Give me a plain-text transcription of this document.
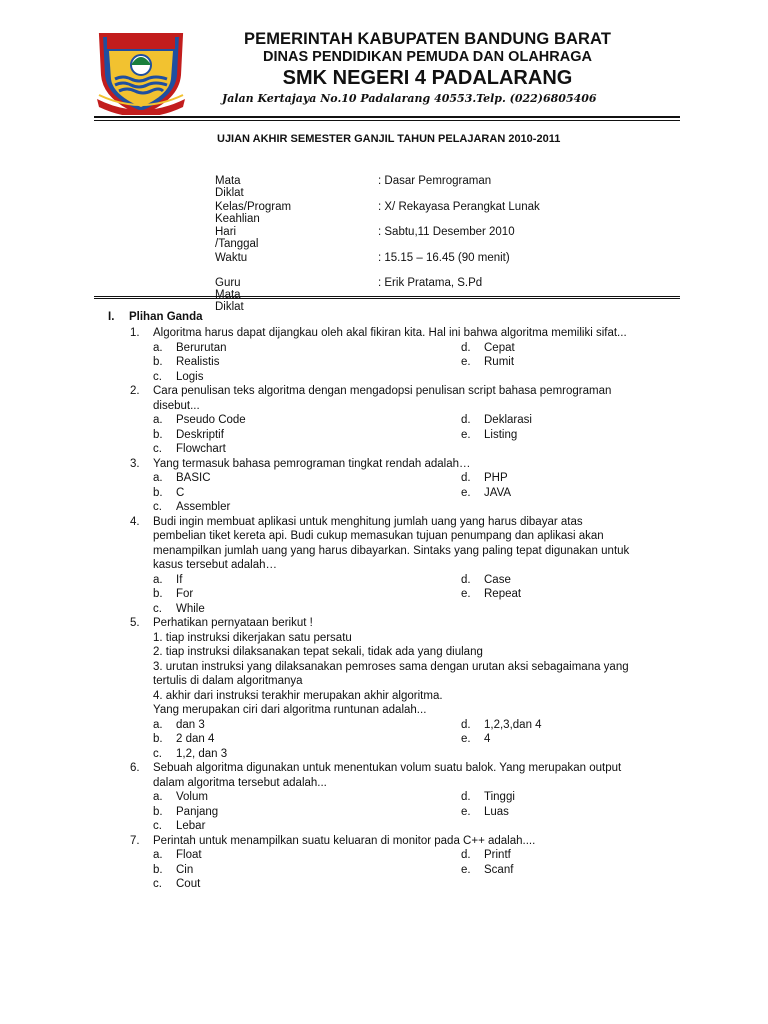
PEMERINTAH KABUPATEN BANDUNG BARAT
DINAS PENDIDIKAN PEMUDA DAN OLAHRAGA
SMK NEGERI 4 PADALARANG
Jalan Kertajaya No.10 Padalarang 40553.Telp. (022)6805406
UJIAN AKHIR SEMESTER GANJIL TAHUN PELAJARAN 2010-2011
Mata Diklat
: Dasar Pemrograman
Kelas/Program Keahlian
: X/ Rekayasa Perangkat Lunak
Hari /Tanggal
: Sabtu,11 Desember 2010
Waktu	: 15.15 – 16.45 (90 menit)
Guru Mata Diklat
: Erik Pratama, S.Pd
I. Plihan Ganda
1. Algoritma harus dapat dijangkau oleh akal fikiran kita. Hal ini bahwa algoritma memiliki sifat...
a. Berurutan	d. Cepat
b. Realistis	e. Rumit
c. Logis
2. Cara penulisan teks algoritma dengan mengadopsi penulisan script bahasa pemrograman
disebut...
a. Pseudo Code	d. Deklarasi
b. Deskriptif	e. Listing
c. Flowchart
3. Yang termasuk bahasa pemrograman tingkat rendah adalah…
a. BASIC	d. PHP
b. C	e. JAVA
c. Assembler
4. Budi ingin membuat aplikasi untuk menghitung jumlah uang yang harus dibayar atas
pembelian tiket kereta api. Budi cukup memasukan tujuan penumpang dan aplikasi akan
menampilkan jumlah uang yang harus dibayarkan. Sintaks yang paling tepat digunakan untuk
kasus tersebut adalah…
a. If	d. Case
b. For	e. Repeat
c. While
5. Perhatikan pernyataan berikut !
1. tiap instruksi dikerjakan satu persatu
2. tiap instruksi dilaksanakan tepat sekali, tidak ada yang diulang
3. urutan instruksi yang dilaksanakan pemroses sama dengan urutan aksi sebagaimana yang
tertulis di dalam algoritmanya
4. akhir dari instruksi terakhir merupakan akhir algoritma.
Yang merupakan ciri dari algoritma runtunan adalah...
a. dan 3	d. 1,2,3,dan 4
b. 2 dan 4	e. 4
c. 1,2, dan 3
6. Sebuah algoritma digunakan untuk menentukan volum suatu balok. Yang merupakan output
dalam algoritma tersebut adalah...
a. Volum	d. Tinggi
b. Panjang	e. Luas
c. Lebar
7. Perintah untuk menampilkan suatu keluaran di monitor pada C++ adalah....
a. Float	d. Printf
b. Cin	e. Scanf
c. Cout
